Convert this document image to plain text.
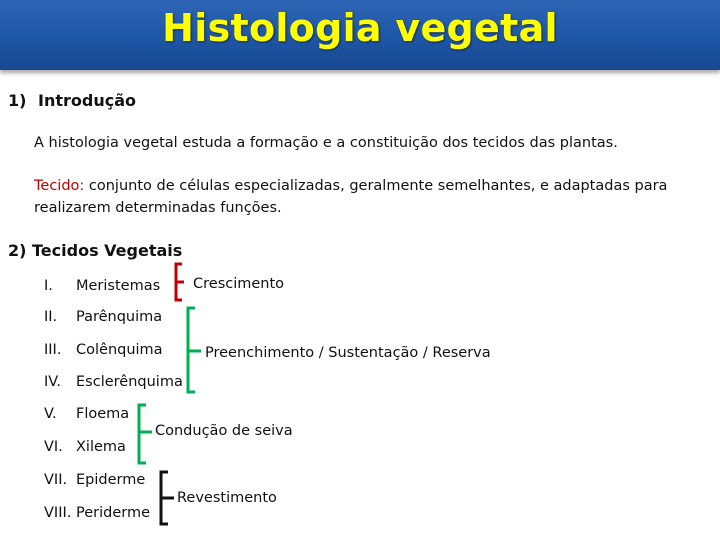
Histologia vegetal
1) Introdução
A histologia vegetal estuda a formação e a constituição dos tecidos das plantas.
Tecido: conjunto de células especializadas, geralmente semelhantes, e adaptadas para
realizarem determinadas funções.
2) Tecidos Vegetais
I. Meristemas
II. Parênquima
III. Colênquima
IV. Esclerênquima
V. Floema
VI. Xilema
VII. Epiderme
VIII. Periderme
Crescimento
Preenchimento / Sustentação / Reserva
Condução de seiva
Revestimento
